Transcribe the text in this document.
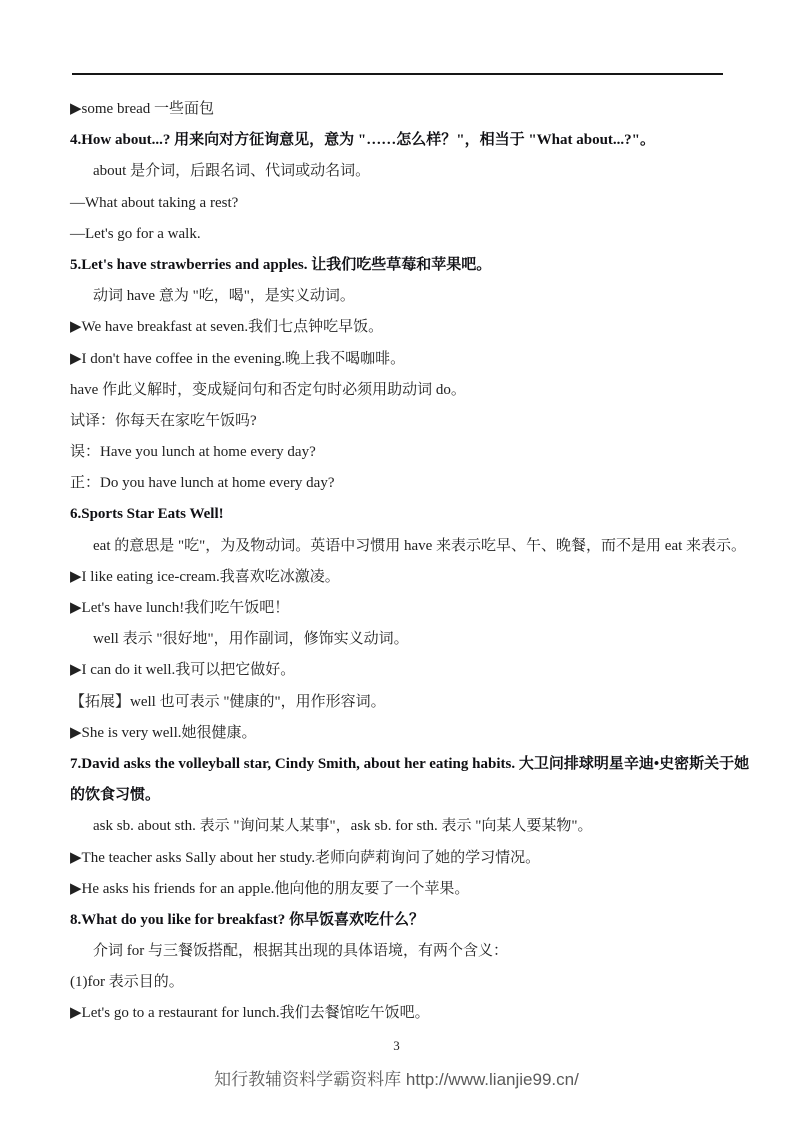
▶some bread 一些面包
4.How about...? 用来向对方征询意见，意为 "……怎么样？"，相当于 "What about...?"。
about 是介词，后跟名词、代词或动名词。
—What about taking a rest?
—Let's go for a walk.
5.Let's have strawberries and apples. 让我们吃些草莓和苹果吧。
动词 have 意为 "吃，喝"，是实义动词。
▶We have breakfast at seven.我们七点钟吃早饭。
▶I don't have coffee in the evening.晚上我不喝咖啡。
have 作此义解时，变成疑问句和否定句时必须用助动词 do。
试译：你每天在家吃午饭吗?
误：Have you lunch at home every day?
正：Do you have lunch at home every day?
6.Sports Star Eats Well!
eat 的意思是 "吃"，为及物动词。英语中习惯用 have 来表示吃早、午、晚餐，而不是用 eat 来表示。
▶I like eating ice-cream.我喜欢吃冰激凌。
▶Let's have lunch!我们吃午饭吧！
well 表示 "很好地"，用作副词，修饰实义动词。
▶I can do it well.我可以把它做好。
【拓展】well 也可表示 "健康的"，用作形容词。
▶She is very well.她很健康。
7.David asks the volleyball star, Cindy Smith, about her eating habits. 大卫问排球明星辛迪•史密斯关于她
的饮食习惯。
ask sb. about sth. 表示 "询问某人某事"，ask sb. for sth. 表示 "向某人要某物"。
▶The teacher asks Sally about her study.老师向萨莉询问了她的学习情况。
▶He asks his friends for an apple.他向他的朋友要了一个苹果。
8.What do you like for breakfast? 你早饭喜欢吃什么？
介词 for 与三餐饭搭配，根据其出现的具体语境，有两个含义：
(1)for 表示目的。
▶Let's go to a restaurant for lunch.我们去餐馆吃午饭吧。
3
知行教辅资料学霸资料库 http://www.lianjie99.cn/
